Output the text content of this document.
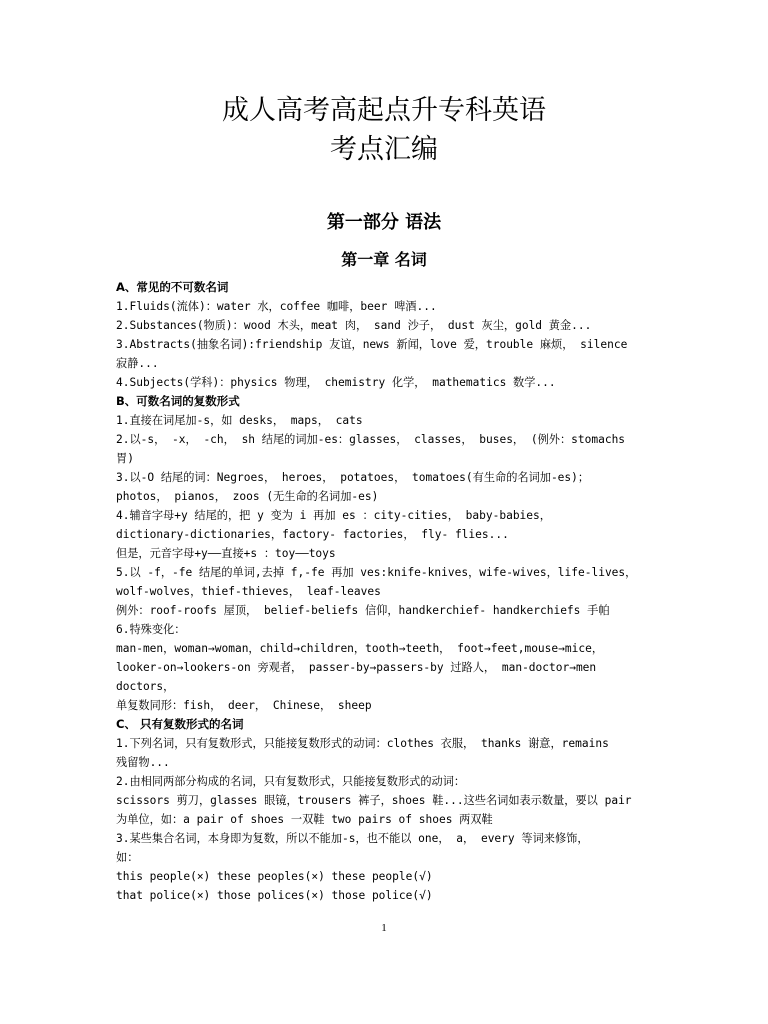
成人高考高起点升专科英语
考点汇编
第一部分 语法
第一章 名词
A、常见的不可数名词
1.Fluids(流体)：water 水，coffee 咖啡，beer 啤酒...
2.Substances(物质)：wood 木头，meat 肉， sand 沙子， dust 灰尘，gold 黄金...
3.Abstracts(抽象名词):friendship 友谊，news 新闻，love 爱，trouble 麻烦， silence
寂静...
4.Subjects(学科)：physics 物理， chemistry 化学， mathematics 数学...
B、可数名词的复数形式
1.直接在词尾加-s，如 desks， maps， cats
2.以-s， -x， -ch， sh 结尾的词加-es：glasses， classes， buses， (例外：stomachs
胃)
3.以-O 结尾的词：Negroes， heroes， potatoes， tomatoes(有生命的名词加-es)；
photos， pianos， zoos (无生命的名词加-es)
4.辅音字母+y 结尾的，把 y 变为 i 再加 es ：city-cities， baby-babies，
dictionary-dictionaries，factory- factories， fly- flies...
但是，元音字母+y——直接+s ：toy——toys
5.以 -f，-fe 结尾的单词,去掉 f,-fe 再加 ves:knife-knives，wife-wives，life-lives，
wolf-wolves，thief-thieves， leaf-leaves
例外：roof-roofs 屋顶， belief-beliefs 信仰，handkerchief- handkerchiefs 手帕
6.特殊变化：
man-men，woman→woman，child→children，tooth→teeth， foot→feet,mouse→mice，
looker-on→lookers-on 旁观者， passer-by→passers-by 过路人， man-doctor→men
doctors，
单复数同形：fish， deer， Chinese， sheep
C、 只有复数形式的名词
1.下列名词，只有复数形式，只能接复数形式的动词：clothes 衣服， thanks 谢意，remains
残留物...
2.由相同两部分构成的名词，只有复数形式，只能接复数形式的动词：
scissors 剪刀，glasses 眼镜，trousers 裤子，shoes 鞋...这些名词如表示数量，要以 pair
为单位，如：a pair of shoes 一双鞋 two pairs of shoes 两双鞋
3.某些集合名词，本身即为复数，所以不能加-s，也不能以 one， a， every 等词来修饰，
如：
this people(×) these peoples(×) these people(√)
that police(×) those polices(×) those police(√)
1
